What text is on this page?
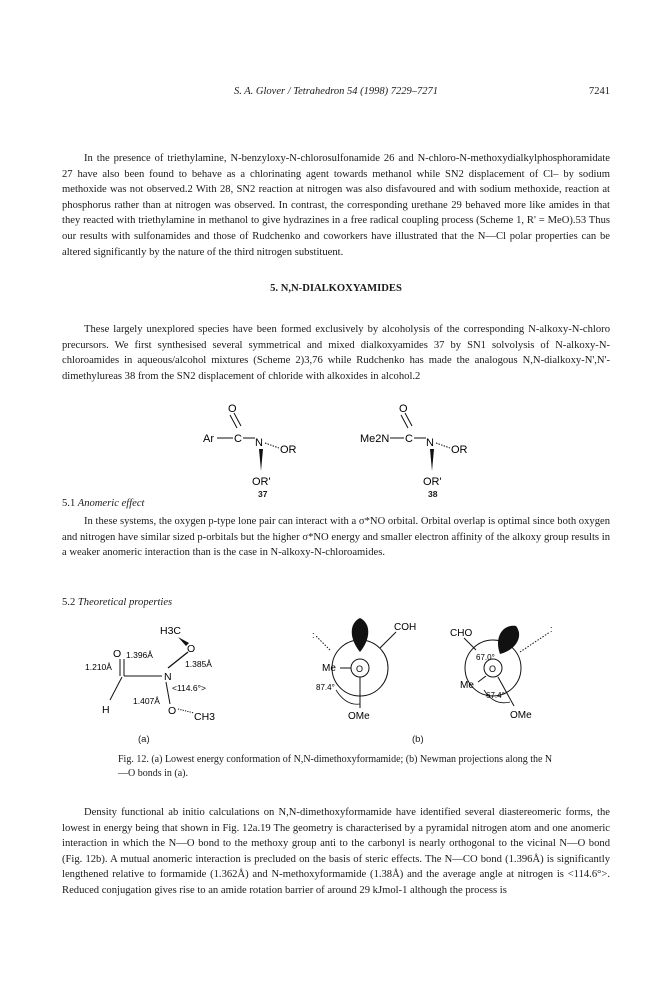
S. A. Glover / Tetrahedron 54 (1998) 7229–7271	7241

In the presence of triethylamine, N-benzyloxy-N-chlorosulfonamide 26 and N-chloro-N-methoxydialkylphosphoramidate 27 have also been found to behave as a chlorinating agent towards methanol while SN2 displacement of Cl– by sodium methoxide was not observed.2 With 28, SN2 reaction at nitrogen was also disfavoured and with sodium methoxide, reaction at phosphorus rather than at nitrogen was observed. In contrast, the corresponding urethane 29 behaved more like amides in that they reacted with triethylamine in methanol to give hydrazines in a free radical coupling process (Scheme 1, R' = MeO).53 Thus our results with sulfonamides and those of Rudchenko and coworkers have illustrated that the N—Cl polar properties can be altered significantly by the nature of the third nitrogen substituent.

5. N,N-DIALKOXYAMIDES

These largely unexplored species have been formed exclusively by alcoholysis of the corresponding N-alkoxy-N-chloro precursors. We first synthesised several symmetrical and mixed dialkoxyamides 37 by SN1 solvolysis of N-alkoxy-N-chloroamides in aqueous/alcohol mixtures (Scheme 2)3,76 while Rudchenko has made the analogous N,N-dialkoxy-N',N'-dimethylureas 38 from the SN2 displacement of chloride with alkoxides in alcohol.2

O
Ar C N
OR
OR'
37
O
Me2N C N
OR
OR'
38
5.1 Anomeric effect

In these systems, the oxygen p-type lone pair can interact with a σ*NO orbital. Orbital overlap is optimal since both oxygen and nitrogen have similar sized p-orbitals but the higher σ*NO energy and smaller electron affinity of the alkoxy group results in a weaker anomeric interaction than is the case in N-alkoxy-N-chloroamides.

5.2 Theoretical properties
H3C
O
O 1.396Å
1.210Å	1.385Å
N
<114.6°>
H
1.407Å
O CH3
(a)
O
Me
COH
OMe
:
87.4°
O
CHO
OMe
Me
:
67.0°
67.4°
(b)

Fig. 12. (a) Lowest energy conformation of N,N-dimethoxyformamide; (b) Newman projections along the N—O bonds in (a).

Density functional ab initio calculations on N,N-dimethoxyformamide have identified several diastereomeric forms, the lowest in energy being that shown in Fig. 12a.19 The geometry is characterised by a pyramidal nitrogen atom and one anomeric interaction in which the N—O bond to the methoxy group anti to the carbonyl is nearly orthogonal to the vicinal N—O bond (Fig. 12b). A mutual anomeric interaction is precluded on the basis of steric effects. The N—CO bond (1.396Å) is significantly lengthened relative to formamide (1.362Å) and N-methoxyformamide (1.38Å) and the average angle at nitrogen is <114.6°>. Reduced conjugation gives rise to an amide rotation barrier of around 29 kJmol-1 although the process is
